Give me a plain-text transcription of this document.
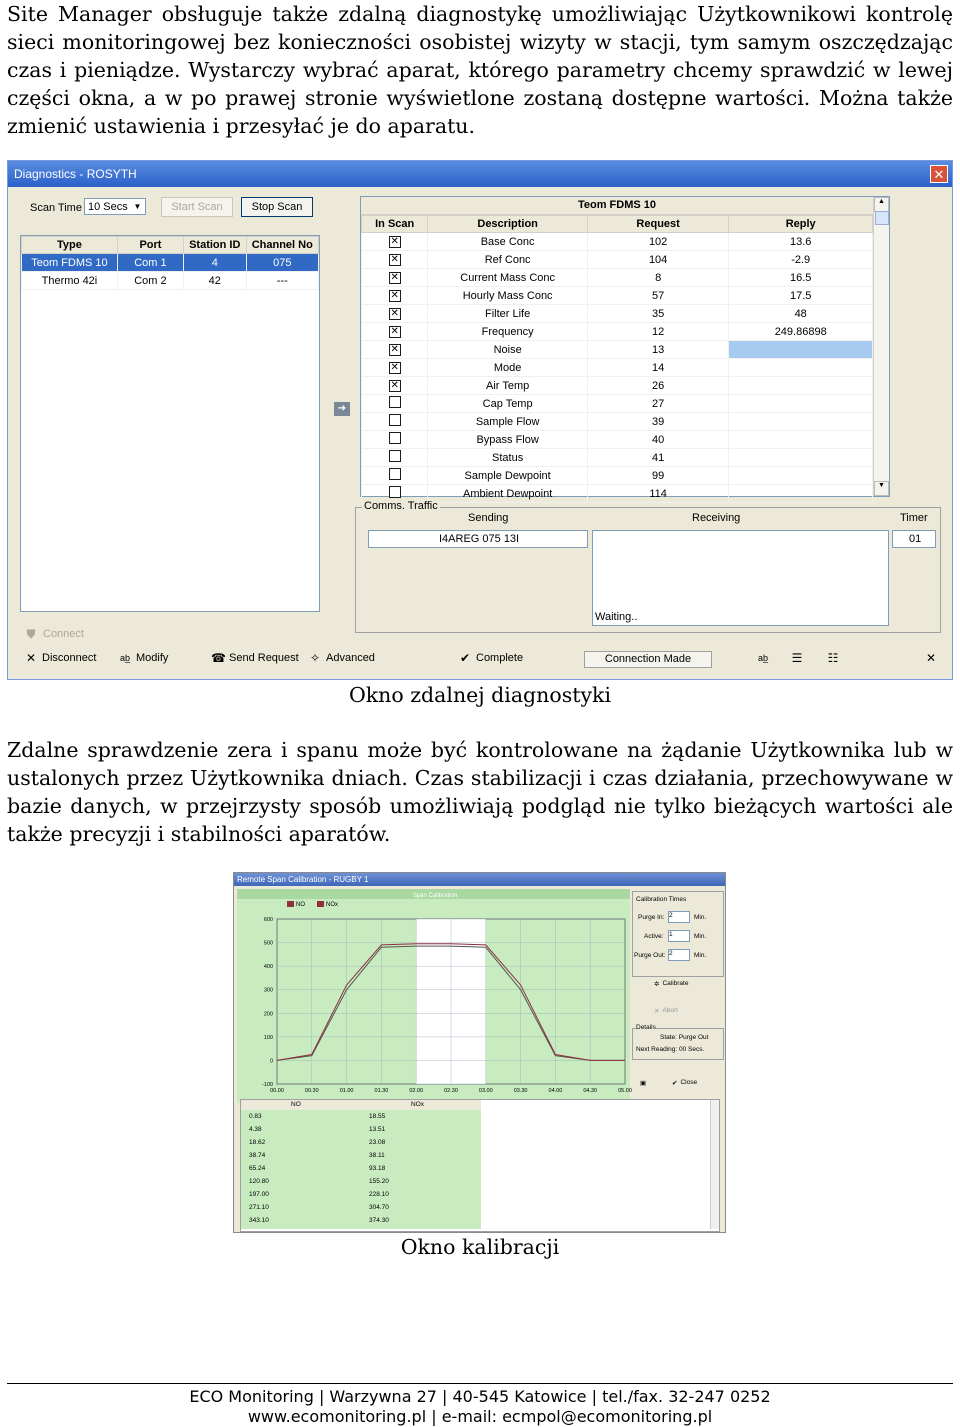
Site Manager obsługuje także zdalną diagnostykę umożliwiając Użytkownikowi kontrolę sieci monitoringowej bez konieczności osobistej wizyty w stacji, tym samym oszczędzając czas i pieniądze. Wystarczy wybrać aparat, którego parametry chcemy sprawdzić w lewej części okna, a w po prawej stronie wyświetlone zostaną dostępne wartości. Można także zmienić ustawienia i przesyłać je do aparatu.
Diagnostics - ROSYTH	✕
Scan Time 10 Secs ▼	Start Scan	Stop Scan
Type	Port	Station ID	Channel No
Teom FDMS 10	Com 1	4	075
Thermo 42i	Com 2	42	---
➔
Teom FDMS 10
In Scan	Description	Request	Reply
✕	Base Conc	102	13.6
✕	Ref Conc	104	-2.9
✕	Current Mass Conc	8	16.5
✕	Hourly Mass Conc	57	17.5
✕	Filter Life	35	48
✕	Frequency	12	249.86898
✕	Noise	13	
✕	Mode	14	
✕	Air Temp	26	
	Cap Temp	27	
	Sample Flow	39	
	Bypass Flow	40	
	Status	41	
	Sample Dewpoint	99	
	Ambient Dewpoint	114	
▲
▼
Comms. Traffic
Sending	Receiving	Timer
I4AREG 075 13I
Waiting..
01
⛊ Connect
✕ Disconnect	ab̲ Modify	☎ Send Request ✧ Advanced	✔ Complete	Connection Made	ab̲ ☰ ☷	✕
Okno zdalnej diagnostyki
Zdalne sprawdzenie zera i spanu może być kontrolowane na żądanie Użytkownika lub w ustalonych przez Użytkownika dniach. Czas stabilizacji i czas działania, przechowywane w bazie danych, w przejrzysty sposób umożliwiają podgląd nie tylko bieżących wartości ale także precyzji i stabilności aparatów.
Remote Span Calibration - RUGBY 1
Span Calibration
NO	NOx
600
500
400
300
200
100
0
-100
00.00	00.30	01.00	01.30	02.00	02.30	03.00	03.30	04.00	04.30	05.00
Calibration Times
Purge In: 2	Min.
Active: 1	Min.
Purge Out: 2	Min.
✲ Calibrate
✕ Abort
Details
State: Purge Out
Next Reading: 00 Secs.
▣	✔ Close
NO	NOx
0.83	18.55
4.38	13.51
18.62	23.08
38.74	38.11
65.24	93.18
120.80	155.20
197.00	228.10
271.10	304.70
343.10	374.30
Okno kalibracji
ECO Monitoring | Warzywna 27 | 40-545 Katowice | tel./fax. 32-247 0252
www.ecomonitoring.pl | e-mail: ecmpol@ecomonitoring.pl
